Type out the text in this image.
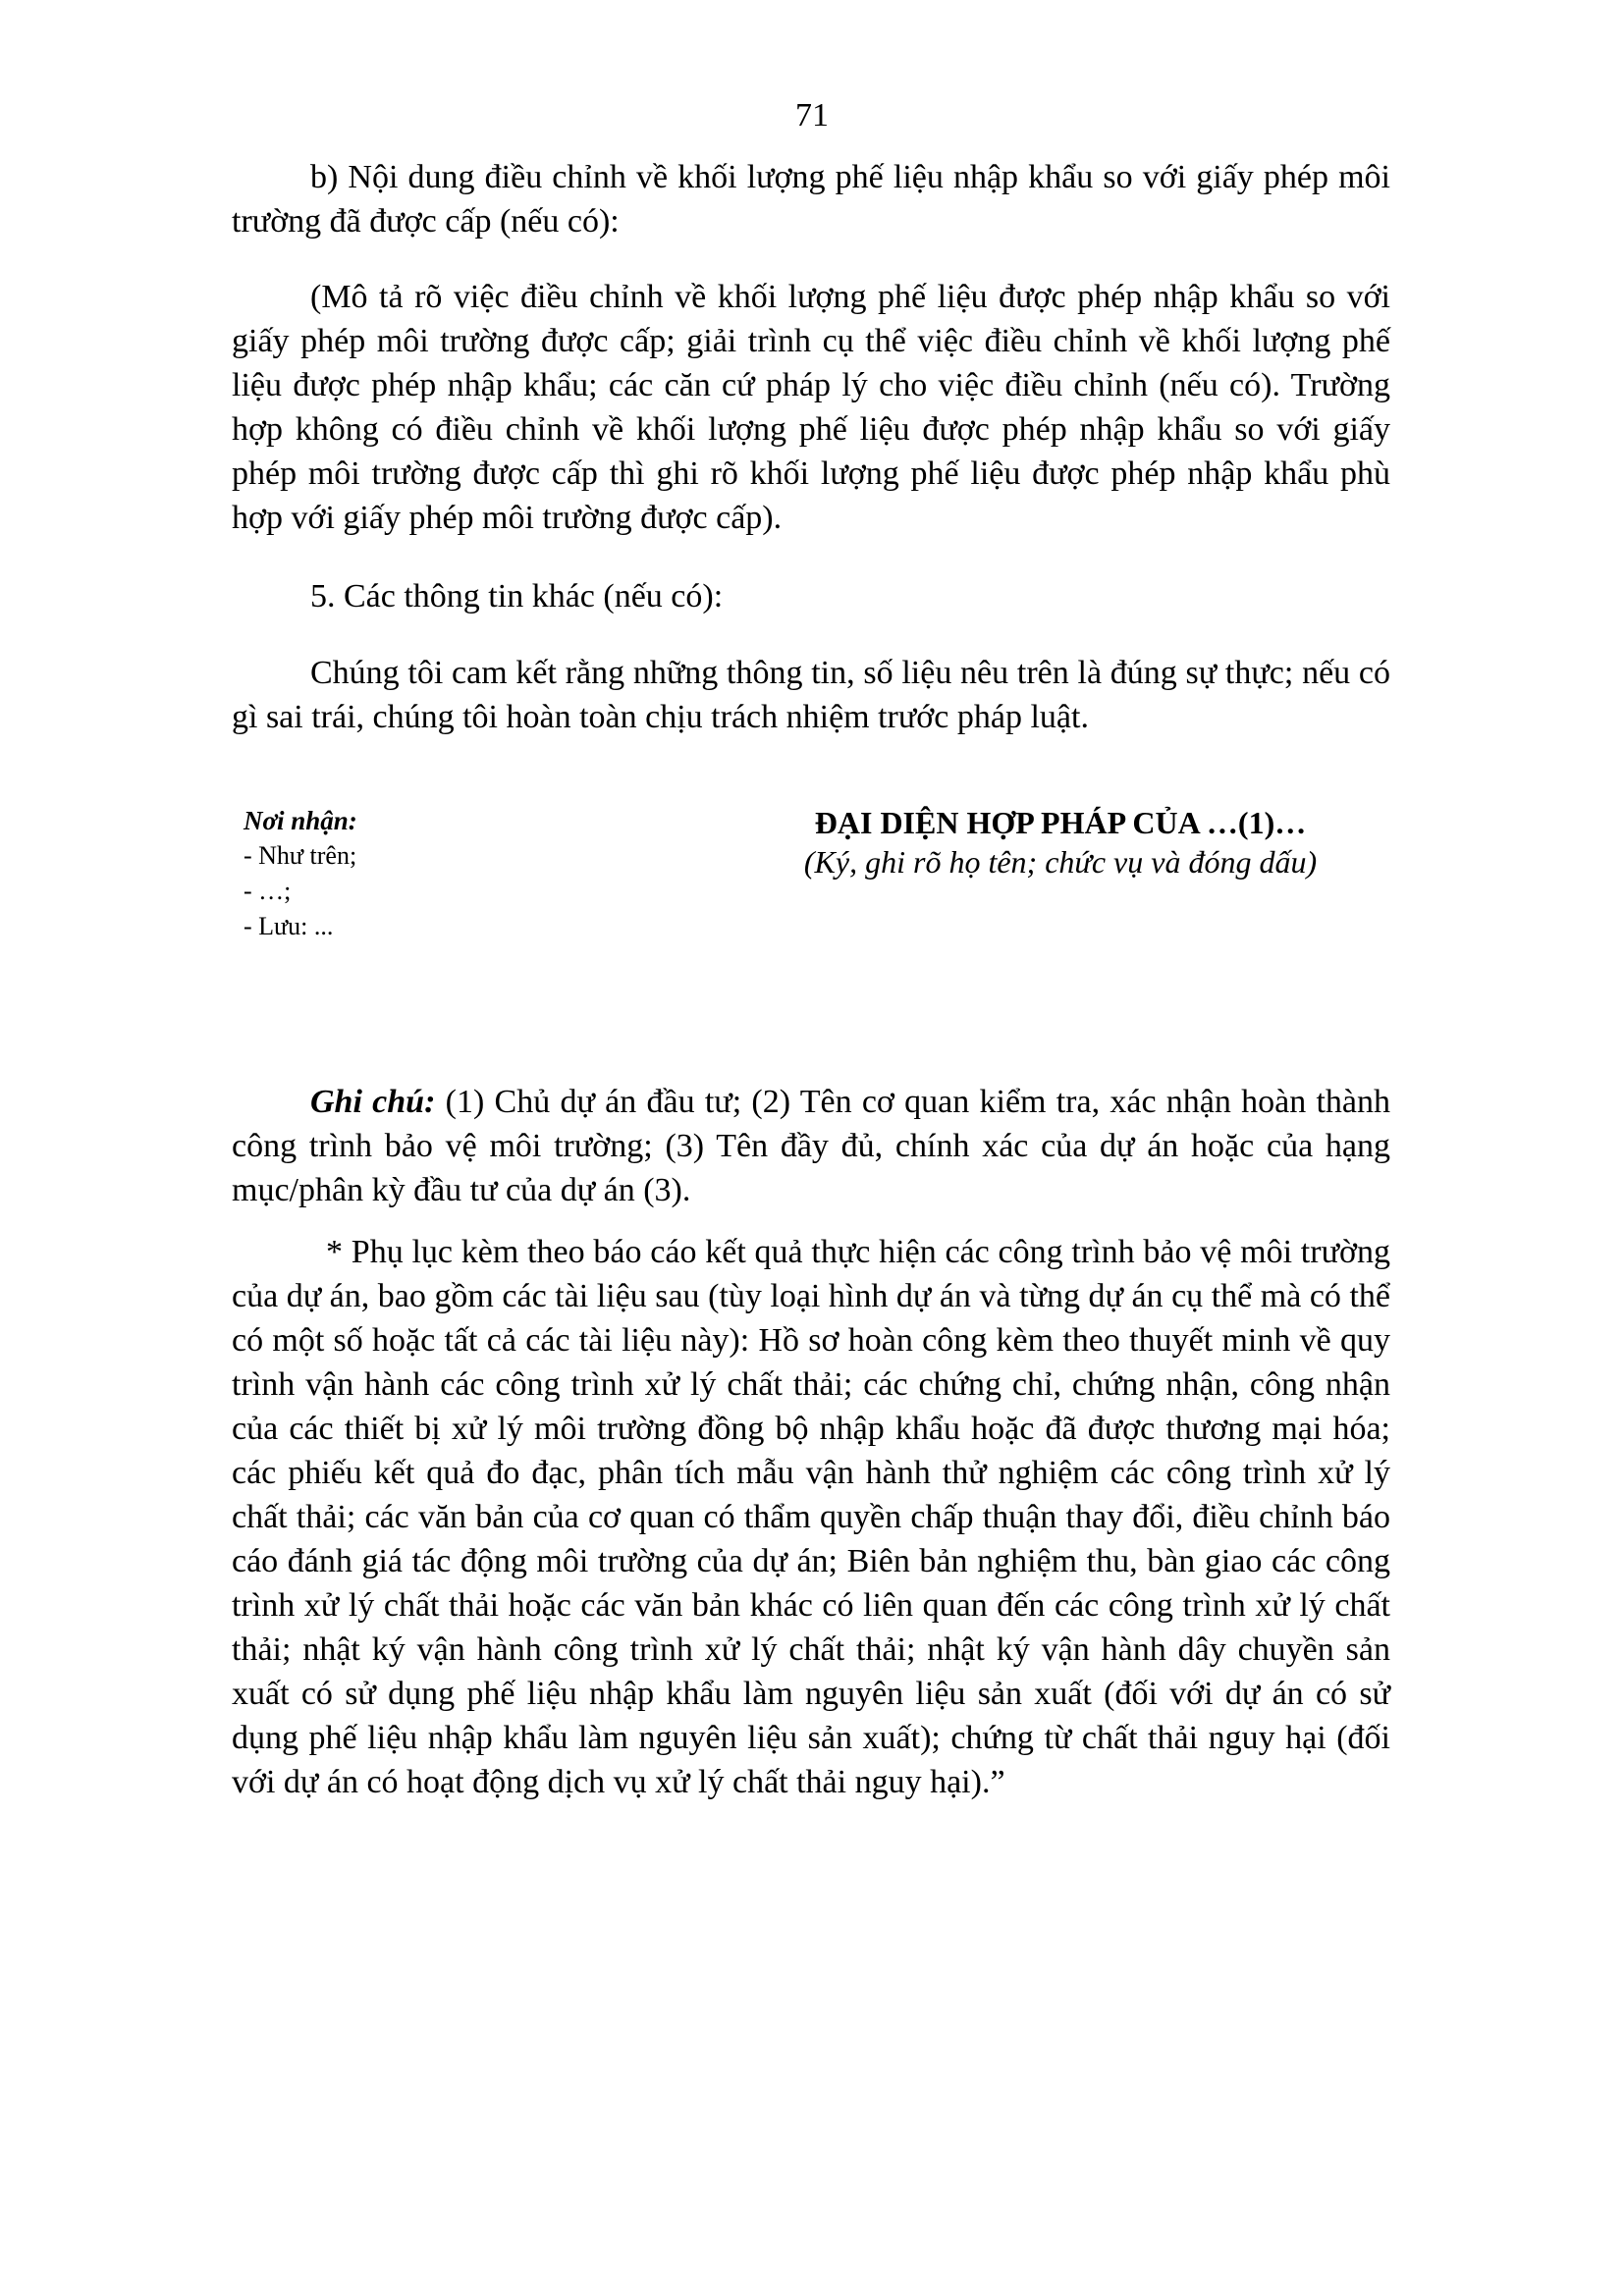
71

b) Nội dung điều chỉnh về khối lượng phế liệu nhập khẩu so với giấy phép môi trường đã được cấp (nếu có):

(Mô tả rõ việc điều chỉnh về khối lượng phế liệu được phép nhập khẩu so với giấy phép môi trường được cấp; giải trình cụ thể việc điều chỉnh về khối lượng phế liệu được phép nhập khẩu; các căn cứ pháp lý cho việc điều chỉnh (nếu có). Trường hợp không có điều chỉnh về khối lượng phế liệu được phép nhập khẩu so với giấy phép môi trường được cấp thì ghi rõ khối lượng phế liệu được phép nhập khẩu phù hợp với giấy phép môi trường được cấp).

5. Các thông tin khác (nếu có):

Chúng tôi cam kết rằng những thông tin, số liệu nêu trên là đúng sự thực; nếu có gì sai trái, chúng tôi hoàn toàn chịu trách nhiệm trước pháp luật.

Nơi nhận:
- Như trên;
- …;
- Lưu: ...
ĐẠI DIỆN HỢP PHÁP CỦA …(1)…
(Ký, ghi rõ họ tên; chức vụ và đóng dấu)

Ghi chú: (1) Chủ dự án đầu tư; (2) Tên cơ quan kiểm tra, xác nhận hoàn thành công trình bảo vệ môi trường; (3) Tên đầy đủ, chính xác của dự án hoặc của hạng mục/phân kỳ đầu tư của dự án (3).

* Phụ lục kèm theo báo cáo kết quả thực hiện các công trình bảo vệ môi trường của dự án, bao gồm các tài liệu sau (tùy loại hình dự án và từng dự án cụ thể mà có thể có một số hoặc tất cả các tài liệu này): Hồ sơ hoàn công kèm theo thuyết minh về quy trình vận hành các công trình xử lý chất thải; các chứng chỉ, chứng nhận, công nhận của các thiết bị xử lý môi trường đồng bộ nhập khẩu hoặc đã được thương mại hóa; các phiếu kết quả đo đạc, phân tích mẫu vận hành thử nghiệm các công trình xử lý chất thải; các văn bản của cơ quan có thẩm quyền chấp thuận thay đổi, điều chỉnh báo cáo đánh giá tác động môi trường của dự án; Biên bản nghiệm thu, bàn giao các công trình xử lý chất thải hoặc các văn bản khác có liên quan đến các công trình xử lý chất thải; nhật ký vận hành công trình xử lý chất thải; nhật ký vận hành dây chuyền sản xuất có sử dụng phế liệu nhập khẩu làm nguyên liệu sản xuất (đối với dự án có sử dụng phế liệu nhập khẩu làm nguyên liệu sản xuất); chứng từ chất thải nguy hại (đối với dự án có hoạt động dịch vụ xử lý chất thải nguy hại).”
